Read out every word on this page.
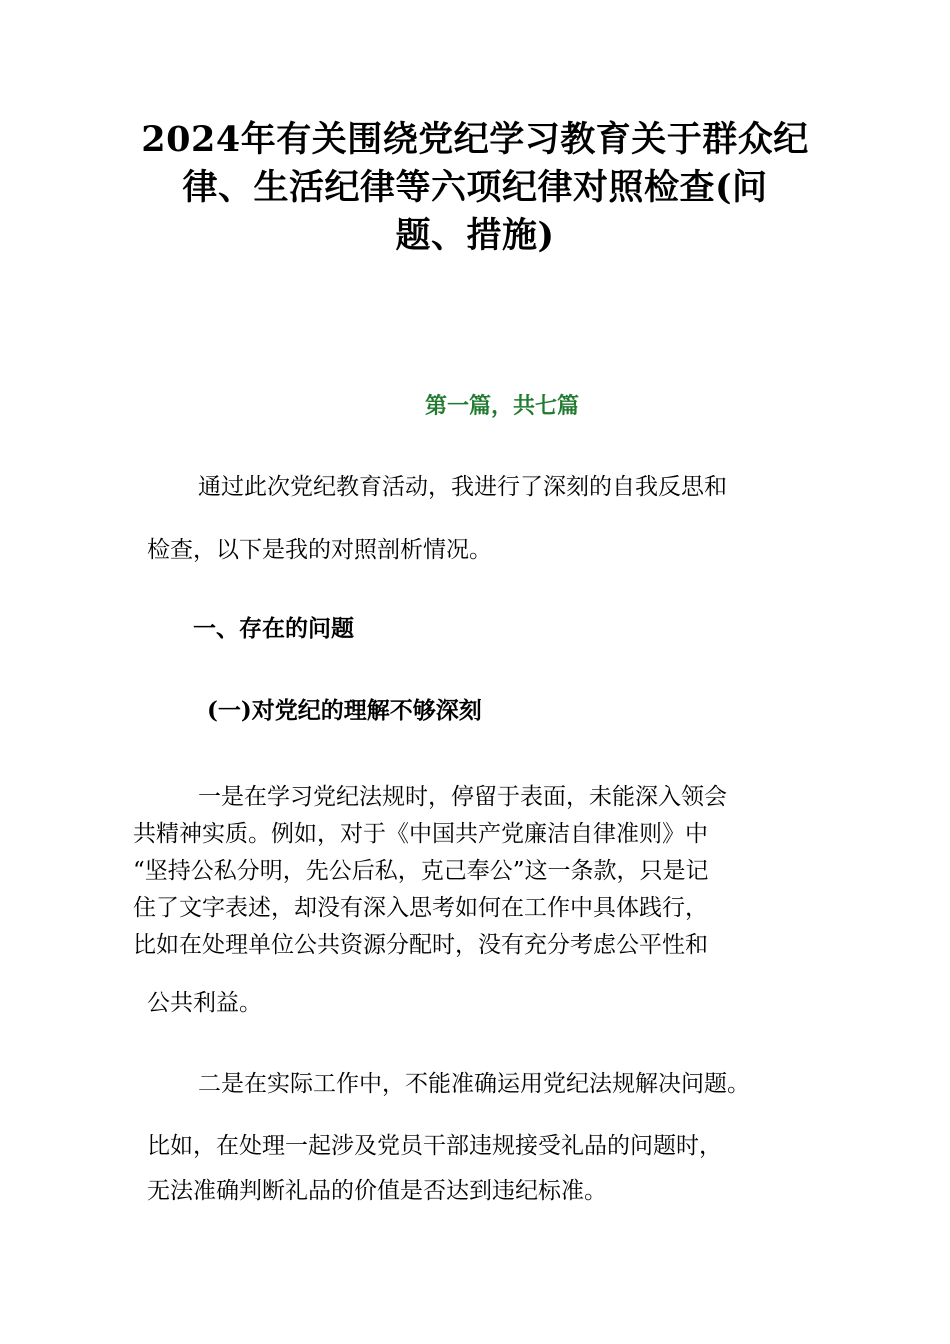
2024年有关围绕党纪学习教育关于群众纪
律、生活纪律等六项纪律对照检查(问
题、措施)

第一篇，共七篇

通过此次党纪教育活动，我进行了深刻的自我反思和

检查，以下是我的对照剖析情况。

一、存在的问题
(一)对党纪的理解不够深刻

一是在学习党纪法规时，停留于表面，未能深入领会

共精神实质。例如，对于《中国共产党廉洁自律准则》中

“坚持公私分明，先公后私，克己奉公”这一条款，只是记

住了文字表述，却没有深入思考如何在工作中具体践行，

比如在处理单位公共资源分配时，没有充分考虑公平性和

公共利益。

二是在实际工作中，不能准确运用党纪法规解决问题。

比如，在处理一起涉及党员干部违规接受礼品的问题时，

无法准确判断礼品的价值是否达到违纪标准。
